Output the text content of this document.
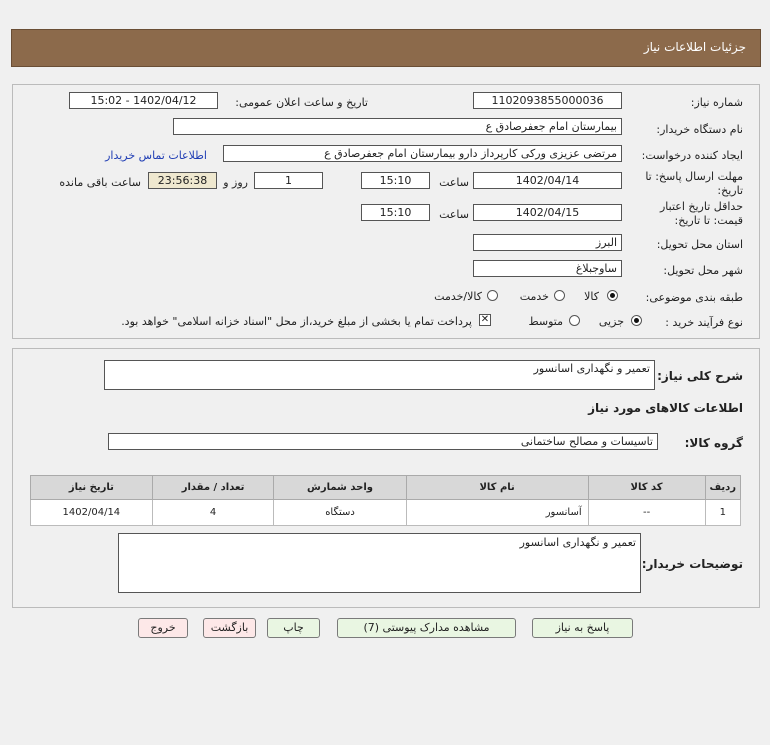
جزئیات اطلاعات نیاز
شماره نیاز:
1102093855000036
تاریخ و ساعت اعلان عمومی:
1402/04/12 - 15:02
نام دستگاه خریدار:
بیمارستان امام جعفرصادق ع
ایجاد کننده درخواست:
مرتضی عزیزی ورکی کارپرداز دارو بیمارستان امام جعفرصادق ع
اطلاعات تماس خریدار
مهلت ارسال پاسخ: تا
تاریخ:
1402/04/14
ساعت
15:10
1
روز و
23:56:38
ساعت باقی مانده
حداقل تاریخ اعتبار
قیمت: تا تاریخ:
1402/04/15
ساعت
15:10
استان محل تحویل:
البرز
شهر محل تحویل:
ساوجبلاغ
طبقه بندی موضوعی:
کالا
خدمت
کالا/خدمت
نوع فرآیند خرید :
جزیی
متوسط
✕
پرداخت تمام یا بخشی از مبلغ خرید،از محل "اسناد خزانه اسلامی" خواهد بود.
شرح کلی نیاز:
تعمیر و نگهداری اسانسور
اطلاعات کالاهای مورد نیاز
گروه کالا:
تاسیسات و مصالح ساختمانی
ردیف	کد کالا	نام کالا	واحد شمارش	تعداد / مقدار	تاریخ نیاز
1	--	آسانسور	دستگاه	4	1402/04/14
توضیحات خریدار:
تعمیر و نگهداری اسانسور
پاسخ به نیاز
مشاهده مدارک پیوستی (7)
چاپ
بازگشت
خروج
